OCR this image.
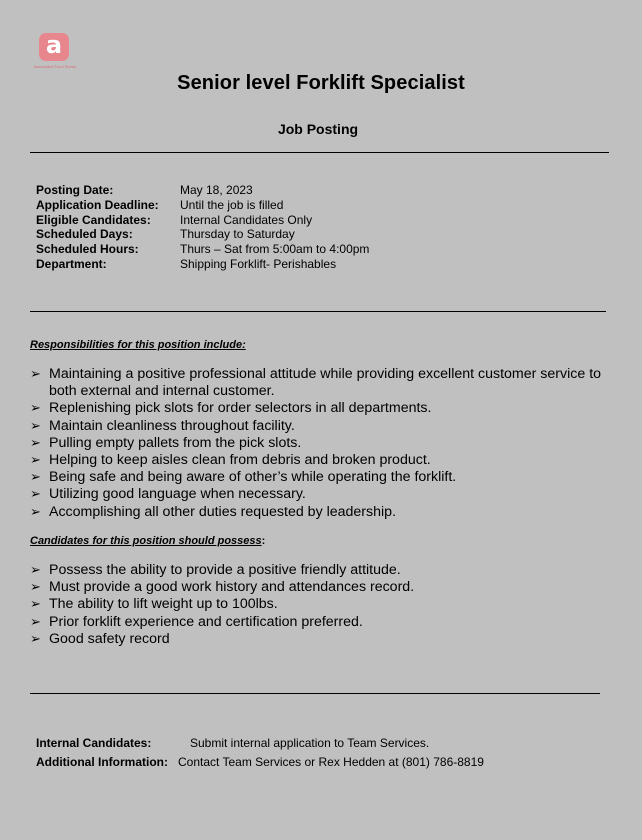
a
Associated Food Stores
Senior level Forklift Specialist
Job Posting
Posting Date:	May 18, 2023
Application Deadline: Until the job is filled
Eligible Candidates: Internal Candidates Only
Scheduled Days:	Thursday to Saturday
Scheduled Hours:	Thurs – Sat from 5:00am to 4:00pm
Department:	Shipping Forklift- Perishables
Responsibilities for this position include:
➢ Maintaining a positive professional attitude while providing excellent customer service to both external and internal customer.
➢ Replenishing pick slots for order selectors in all departments.
➢ Maintain cleanliness throughout facility.
➢ Pulling empty pallets from the pick slots.
➢ Helping to keep aisles clean from debris and broken product.
➢ Being safe and being aware of other’s while operating the forklift.
➢ Utilizing good language when necessary.
➢ Accomplishing all other duties requested by leadership.
Candidates for this position should possess:
➢ Possess the ability to provide a positive friendly attitude.
➢ Must provide a good work history and attendances record.
➢ The ability to lift weight up to 100lbs.
➢ Prior forklift experience and certification preferred.
➢ Good safety record
Internal Candidates:	Submit internal application to Team Services.
Additional Information: Contact Team Services or Rex Hedden at (801) 786-8819
